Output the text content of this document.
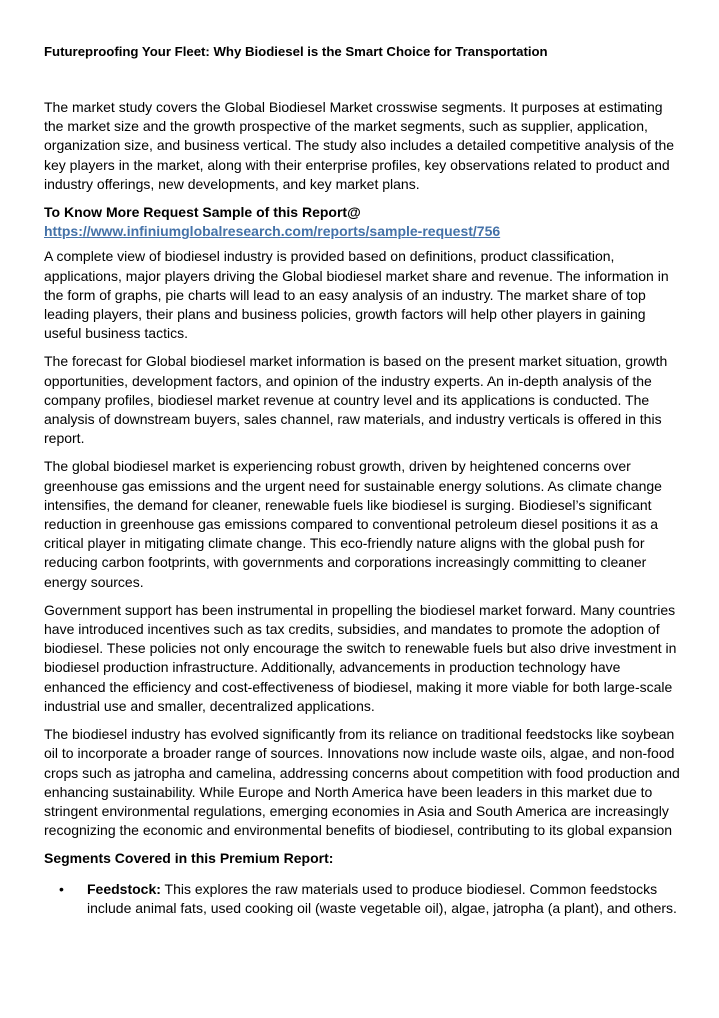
Futureproofing Your Fleet: Why Biodiesel is the Smart Choice for Transportation

The market study covers the Global Biodiesel Market crosswise segments. It purposes at estimating the market size and the growth prospective of the market segments, such as supplier, application, organization size, and business vertical. The study also includes a detailed competitive analysis of the key players in the market, along with their enterprise profiles, key observations related to product and industry offerings, new developments, and key market plans.

To Know More Request Sample of this Report@
https://www.infiniumglobalresearch.com/reports/sample-request/756

A complete view of biodiesel industry is provided based on definitions, product classification, applications, major players driving the Global biodiesel market share and revenue. The information in the form of graphs, pie charts will lead to an easy analysis of an industry. The market share of top leading players, their plans and business policies, growth factors will help other players in gaining useful business tactics.

The forecast for Global biodiesel market information is based on the present market situation, growth opportunities, development factors, and opinion of the industry experts. An in-depth analysis of the company profiles, biodiesel market revenue at country level and its applications is conducted. The analysis of downstream buyers, sales channel, raw materials, and industry verticals is offered in this report.

The global biodiesel market is experiencing robust growth, driven by heightened concerns over greenhouse gas emissions and the urgent need for sustainable energy solutions. As climate change intensifies, the demand for cleaner, renewable fuels like biodiesel is surging. Biodiesel’s significant reduction in greenhouse gas emissions compared to conventional petroleum diesel positions it as a critical player in mitigating climate change. This eco-friendly nature aligns with the global push for reducing carbon footprints, with governments and corporations increasingly committing to cleaner energy sources.

Government support has been instrumental in propelling the biodiesel market forward. Many countries have introduced incentives such as tax credits, subsidies, and mandates to promote the adoption of biodiesel. These policies not only encourage the switch to renewable fuels but also drive investment in biodiesel production infrastructure. Additionally, advancements in production technology have enhanced the efficiency and cost-effectiveness of biodiesel, making it more viable for both large-scale industrial use and smaller, decentralized applications.

The biodiesel industry has evolved significantly from its reliance on traditional feedstocks like soybean oil to incorporate a broader range of sources. Innovations now include waste oils, algae, and non-food crops such as jatropha and camelina, addressing concerns about competition with food production and enhancing sustainability. While Europe and North America have been leaders in this market due to stringent environmental regulations, emerging economies in Asia and South America are increasingly recognizing the economic and environmental benefits of biodiesel, contributing to its global expansion

Segments Covered in this Premium Report:
• Feedstock: This explores the raw materials used to produce biodiesel. Common feedstocks include animal fats, used cooking oil (waste vegetable oil), algae, jatropha (a plant), and others.
